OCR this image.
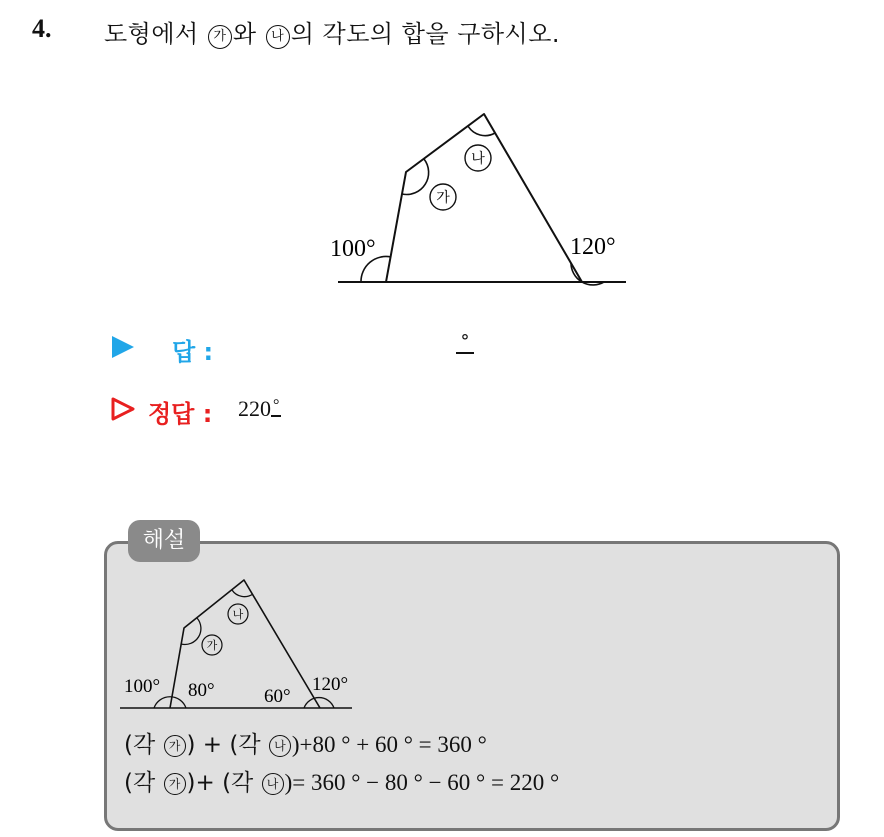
4. 도형에서 가 와 나 의 각도의 합을 구하시오.
가
나
100°	120°
답 :	°
정답 : 220 °
해설
가
나
100° 80°	60°
120°
(각 가 ) + (각 나 )+80 ° + 60 ° = 360 °
(각 가 )+ (각 나 )= 360 ° − 80 ° − 60 ° = 220 °
